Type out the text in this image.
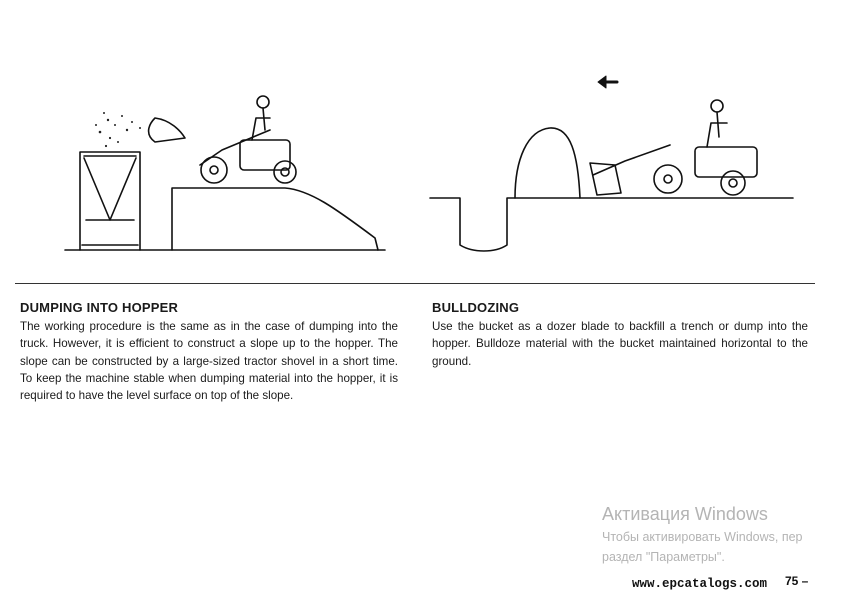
DUMPING INTO HOPPER
The working procedure is the same as in the case of dumping into the truck. However, it is efficient to construct a slope up to the hopper. The slope can be constructed by a large-sized tractor shovel in a short time. To keep the machine stable when dumping material into the hopper, it is required to have the level surface on top of the slope.
BULLDOZING
Use the bucket as a dozer blade to backfill a trench or dump into the hopper. Bulldoze material with the bucket maintained horizontal to the ground.
Активация Windows
Чтобы активировать Windows, пер
раздел "Параметры".
www.epcatalogs.com 75 –
